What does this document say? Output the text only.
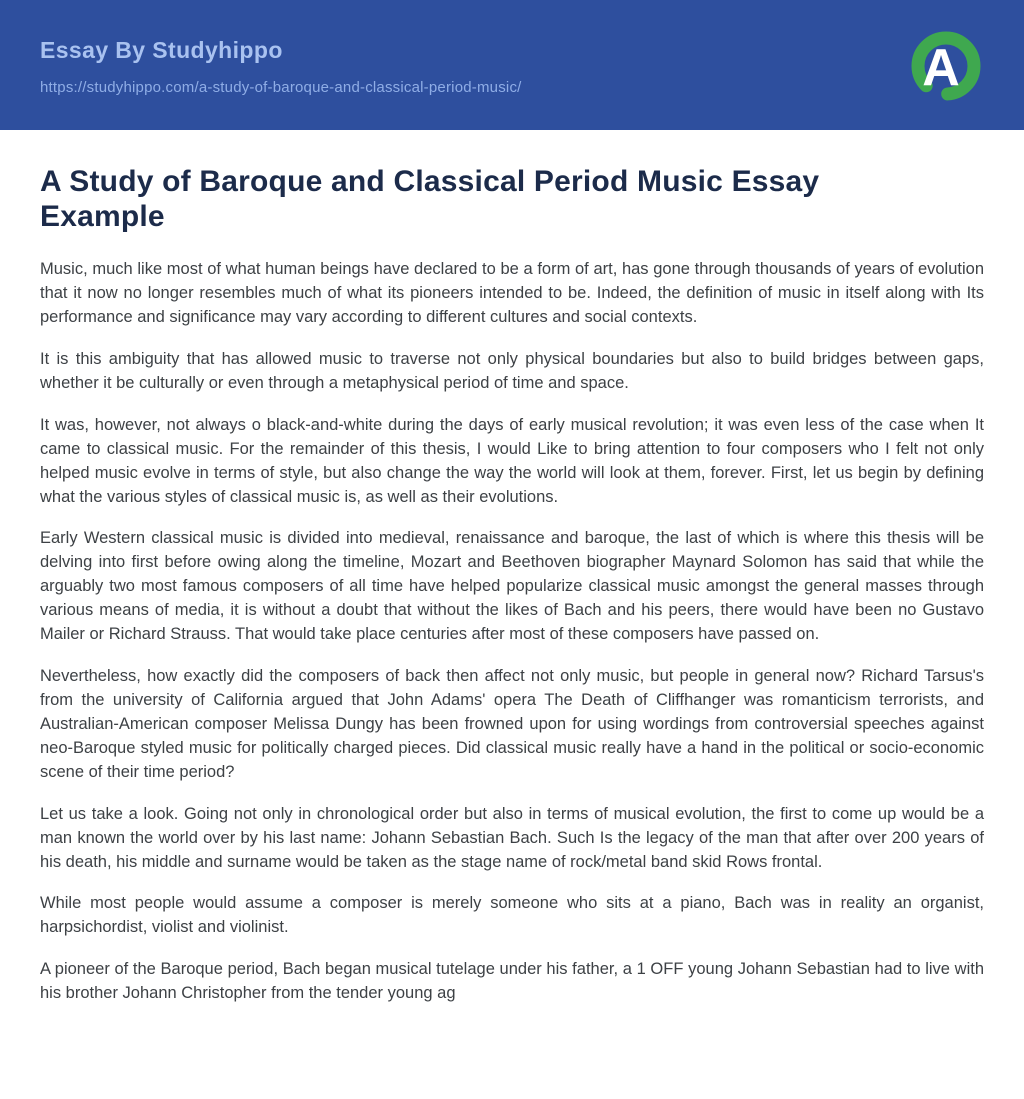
Essay By Studyhippo
https://studyhippo.com/a-study-of-baroque-and-classical-period-music/	A
A Study of Baroque and Classical Period Music Essay Example

Music, much like most of what human beings have declared to be a form of art, has gone through thousands of years of evolution that it now no longer resembles much of what its pioneers intended to be. Indeed, the definition of music in itself along with Its performance and significance may vary according to different cultures and social contexts.

It is this ambiguity that has allowed music to traverse not only physical boundaries but also to build bridges between gaps, whether it be culturally or even through a metaphysical period of time and space.

It was, however, not always o black-and-white during the days of early musical revolution; it was even less of the case when It came to classical music. For the remainder of this thesis, I would Like to bring attention to four composers who I felt not only helped music evolve in terms of style, but also change the way the world will look at them, forever. First, let us begin by defining what the various styles of classical music is, as well as their evolutions.

Early Western classical music is divided into medieval, renaissance and baroque, the last of which is where this thesis will be delving into first before owing along the timeline, Mozart and Beethoven biographer Maynard Solomon has said that while the arguably two most famous composers of all time have helped popularize classical music amongst the general masses through various means of media, it is without a doubt that without the likes of Bach and his peers, there would have been no Gustavo Mailer or Richard Strauss. That would take place centuries after most of these composers have passed on.

Nevertheless, how exactly did the composers of back then affect not only music, but people in general now? Richard Tarsus's from the university of California argued that John Adams' opera The Death of Cliffhanger was romanticism terrorists, and Australian-American composer Melissa Dungy has been frowned upon for using wordings from controversial speeches against neo-Baroque styled music for politically charged pieces. Did classical music really have a hand in the political or socio-economic scene of their time period?

Let us take a look. Going not only in chronological order but also in terms of musical evolution, the first to come up would be a man known the world over by his last name: Johann Sebastian Bach. Such Is the legacy of the man that after over 200 years of his death, his middle and surname would be taken as the stage name of rock/metal band skid Rows frontal.

While most people would assume a composer is merely someone who sits at a piano, Bach was in reality an organist, harpsichordist, violist and violinist.

A pioneer of the Baroque period, Bach began musical tutelage under his father, a 1 OFF young Johann Sebastian had to live with his brother Johann Christopher from the tender young ag
